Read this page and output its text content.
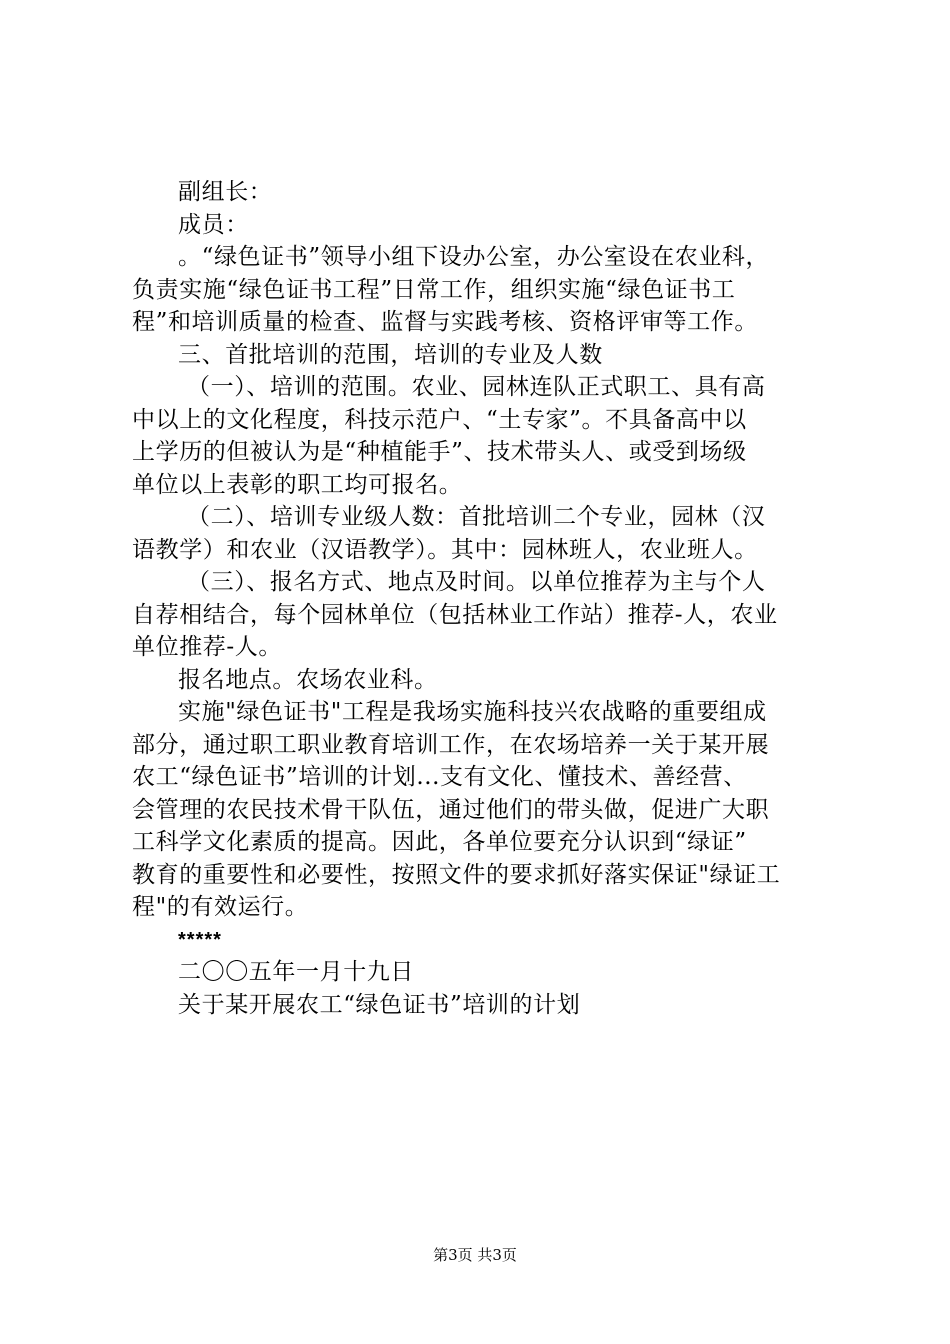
副组长：
成员：
。“绿色证书”领导小组下设办公室，办公室设在农业科，
负责实施“绿色证书工程”日常工作，组织实施“绿色证书工
程”和培训质量的检查、监督与实践考核、资格评审等工作。
三、首批培训的范围，培训的专业及人数
（一）、培训的范围。农业、园林连队正式职工、具有高
中以上的文化程度，科技示范户、“土专家”。不具备高中以
上学历的但被认为是“种植能手”、技术带头人、或受到场级
单位以上表彰的职工均可报名。
（二）、培训专业级人数：首批培训二个专业，园林（汉
语教学）和农业（汉语教学）。其中：园林班人，农业班人。
（三）、报名方式、地点及时间。以单位推荐为主与个人
自荐相结合，每个园林单位（包括林业工作站）推荐-人，农业
单位推荐-人。
报名地点。农场农业科。
实施"绿色证书"工程是我场实施科技兴农战略的重要组成
部分，通过职工职业教育培训工作，在农场培养一关于某开展
农工“绿色证书”培训的计划...支有文化、懂技术、善经营、
会管理的农民技术骨干队伍，通过他们的带头做，促进广大职
工科学文化素质的提高。因此，各单位要充分认识到“绿证”
教育的重要性和必要性，按照文件的要求抓好落实保证"绿证工
程"的有效运行。
*****
二〇〇五年一月十九日
关于某开展农工“绿色证书”培训的计划
第3页 共3页
